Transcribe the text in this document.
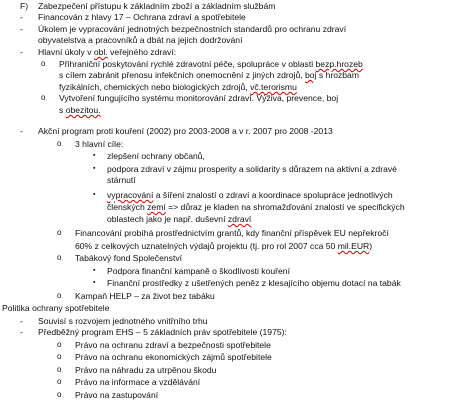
F) Zabezpečení přístupu k základním zboží a základním službám
- Financován z hlavy 17 – Ochrana zdraví a spotřebitele
- Úkolem je vypracování jednotných bezpečnostních standardů pro ochranu zdraví
obyvatelstva a pracovníků a dbát na jejich dodržování
- Hlavní úkoly v obl. veřejného zdraví:
o Přihraniční poskytování rychlé zdravotní péče, spolupráce v oblasti bezp.hrozeb
s cílem zabránit přenosu infekčních onemocnění z jiných zdrojů, boj s hrozbam
fyzikálních, chemických nebo biologických zdrojů, vč.terorismu
o Vytvoření fungujícího systému monitorování zdraví. Výživa, prevence, boj
s obezitou.
- Akční program proti kouření (2002) pro 2003-2008 a v r. 2007 pro 2008 -2013
o 3 hlavní cíle:
▪ zlepšení ochrany občanů,
▪ podpora zdraví v zájmu prosperity a solidarity s důrazem na aktivní a zdravé
stárnutí
▪ vypracování a šíření znalostí o zdraví a koordinace spolupráce jednotlivých
členských zemí => důraz je kladen na shromažďování znalostí ve specifických
oblastech jako je např. duševní zdraví
o Financování probíhá prostřednictvím grantů, kdy finanční příspěvek EU nepřekročí
60% z celkových uznatelných výdajů projektu (tj. pro rol 2007 cca 50 mil.EUR)
o Tabákový fond Společenství
▪ Podpora finanční kampaně o škodlivosti kouření
▪ Finanční prostředky z ušetřených peněz z klesajícího objemu dotací na tabák
o Kampaň HELP – za život bez tabáku
Politika ochrany spotřebitele
- Souvisí s rozvojem jednotného vnitřního trhu
- Předběžný program EHS – 5 základních práv spotřebitele (1975):
o Právo na ochranu zdraví a bezpečnosti spotřebitele
o Právo na ochranu ekonomických zájmů spotřebitele
o Právo na náhradu za utrpěnou škodu
o Právo na informace a vzdělávání
o Právo na zastupování
